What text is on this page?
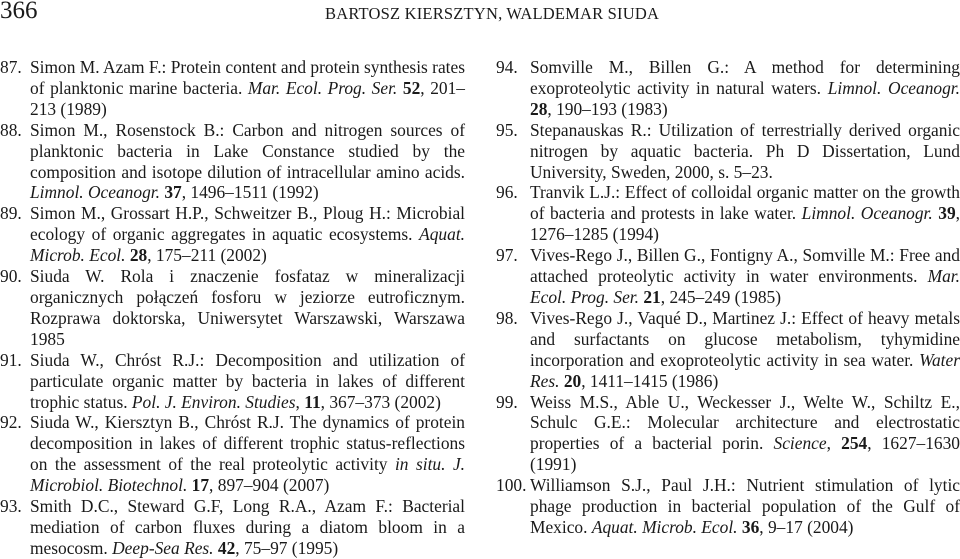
366	BARTOSZ KIERSZTYN, WALDEMAR SIUDA
87. Simon M. Azam F.: Protein content and protein synthesis rates of planktonic marine bacteria. Mar. Ecol. Prog. Ser. 52, 201–213 (1989)
88. Simon M., Rosenstock B.: Carbon and nitrogen sources of planktonic bacteria in Lake Constance studied by the composition and isotope dilution of intracellular amino acids. Limnol. Oceanogr. 37, 1496–1511 (1992)
89. Simon M., Grossart H.P., Schweitzer B., Ploug H.: Microbial ecology of organic aggregates in aquatic ecosystems. Aquat. Microb. Ecol. 28, 175–211 (2002)
90. Siuda W. Rola i znaczenie fosfataz w mineralizacji organicznych połączeń fosforu w jeziorze eutroficznym. Rozprawa doktorska, Uniwersytet Warszawski, Warszawa 1985
91. Siuda W., Chróst R.J.: Decomposition and utilization of particulate organic matter by bacteria in lakes of different trophic status. Pol. J. Environ. Studies, 11, 367–373 (2002)
92. Siuda W., Kiersztyn B., Chróst R.J. The dynamics of protein decomposition in lakes of different trophic status-reflections on the assessment of the real proteolytic activity in situ. J. Microbiol. Biotechnol. 17, 897–904 (2007)
93. Smith D.C., Steward G.F, Long R.A., Azam F.: Bacterial mediation of carbon fluxes during a diatom bloom in a mesocosm. Deep-Sea Res. 42, 75–97 (1995)
94. Somville M., Billen G.: A method for determining exoproteolytic activity in natural waters. Limnol. Oceanogr. 28, 190–193 (1983)
95. Stepanauskas R.: Utilization of terrestrially derived organic nitrogen by aquatic bacteria. Ph D Dissertation, Lund University, Sweden, 2000, s. 5–23.
96. Tranvik L.J.: Effect of colloidal organic matter on the growth of bacteria and protests in lake water. Limnol. Oceanogr. 39, 1276–1285 (1994)
97. Vives-Rego J., Billen G., Fontigny A., Somville M.: Free and attached proteolytic activity in water environments. Mar. Ecol. Prog. Ser. 21, 245–249 (1985)
98. Vives-Rego J., Vaqué D., Martinez J.: Effect of heavy metals and surfactants on glucose metabolism, tyhymidine incorporation and exoproteolytic activity in sea water. Water Res. 20, 1411–1415 (1986)
99. Weiss M.S., Able U., Weckesser J., Welte W., Schiltz E., Schulc G.E.: Molecular architecture and electrostatic properties of a bacterial porin. Science, 254, 1627–1630 (1991)
100. Williamson S.J., Paul J.H.: Nutrient stimulation of lytic phage production in bacterial population of the Gulf of Mexico. Aquat. Microb. Ecol. 36, 9–17 (2004)
